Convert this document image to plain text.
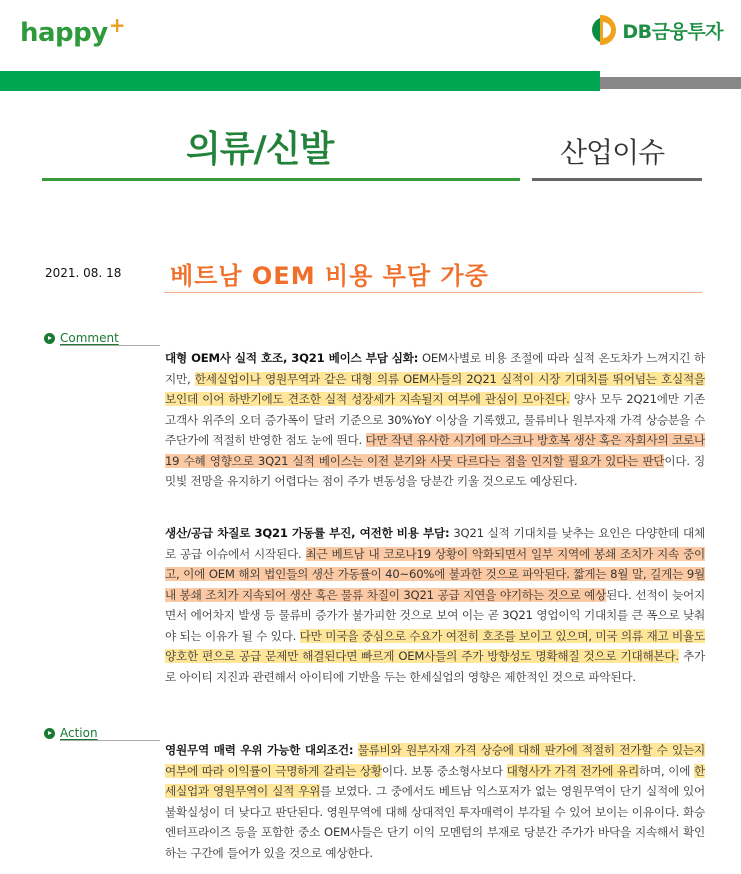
happy+	DB금융투자
의류/신발	산업이슈
2021. 08. 18 베트남 OEM 비용 부담 가중
Comment
대형 OEM사 실적 호조, 3Q21 베이스 부담 심화: OEM사별로 비용 조절에 따라 실적 온도차가 느껴지긴 하지만, 한세실업이나 영원무역과 같은 대형 의류 OEM사들의 2Q21 실적이 시장 기대치를 뛰어넘는 호실적을 보인데 이어 하반기에도 견조한 실적 성장세가 지속될지 여부에 관심이 모아진다. 양사 모두 2Q21에만 기존 고객사 위주의 오더 증가폭이 달러 기준으로 30%YoY 이상을 기록했고, 물류비나 원부자재 가격 상승분을 수주단가에 적절히 반영한 점도 눈에 띈다. 다만 작년 유사한 시기에 마스크나 방호복 생산 혹은 자회사의 코로나19 수혜 영향으로 3Q21 실적 베이스는 이전 분기와 사뭇 다르다는 점을 인지할 필요가 있다는 판단이다. 징밋빛 전망을 유지하기 어렵다는 점이 주가 변동성을 당분간 키울 것으로도 예상된다.
생산/공급 차질로 3Q21 가동률 부진, 여전한 비용 부담: 3Q21 실적 기대치를 낮추는 요인은 다양한데 대체로 공급 이슈에서 시작된다. 최근 베트남 내 코로나19 상황이 악화되면서 일부 지역에 봉쇄 조치가 지속 중이고, 이에 OEM 해외 법인들의 생산 가동률이 40~60%에 불과한 것으로 파악된다. 짧게는 8월 말, 길게는 9월 내 봉쇄 조치가 지속되어 생산 혹은 물류 차질이 3Q21 공급 지연을 야기하는 것으로 예상된다. 선적이 늦어지면서 에어차지 발생 등 물류비 증가가 불가피한 것으로 보여 이는 곧 3Q21 영업이익 기대치를 큰 폭으로 낮춰야 되는 이유가 될 수 있다. 다만 미국을 중심으로 수요가 여전히 호조를 보이고 있으며, 미국 의류 재고 비율도 양호한 편으로 공급 문제만 해결된다면 빠르게 OEM사들의 주가 방향성도 명확해질 것으로 기대해본다. 추가로 아이티 지진과 관련해서 아이티에 기반을 두는 한세실업의 영향은 제한적인 것으로 파악된다.
Action
영원무역 매력 우위 가능한 대외조건: 물류비와 원부자재 가격 상승에 대해 판가에 적절히 전가할 수 있는지 여부에 따라 이익률이 극명하게 갈리는 상황이다. 보통 중소형사보다 대형사가 가격 전가에 유리하며, 이에 한세실업과 영원무역이 실적 우위를 보였다. 그 중에서도 베트남 익스포저가 없는 영원무역이 단기 실적에 있어 불확실성이 더 낮다고 판단된다. 영원무역에 대해 상대적인 투자매력이 부각될 수 있어 보이는 이유이다. 화승엔터프라이즈 등을 포함한 중소 OEM사들은 단기 이익 모멘텀의 부재로 당분간 주가가 바닥을 지속해서 확인하는 구간에 들어가 있을 것으로 예상한다.
